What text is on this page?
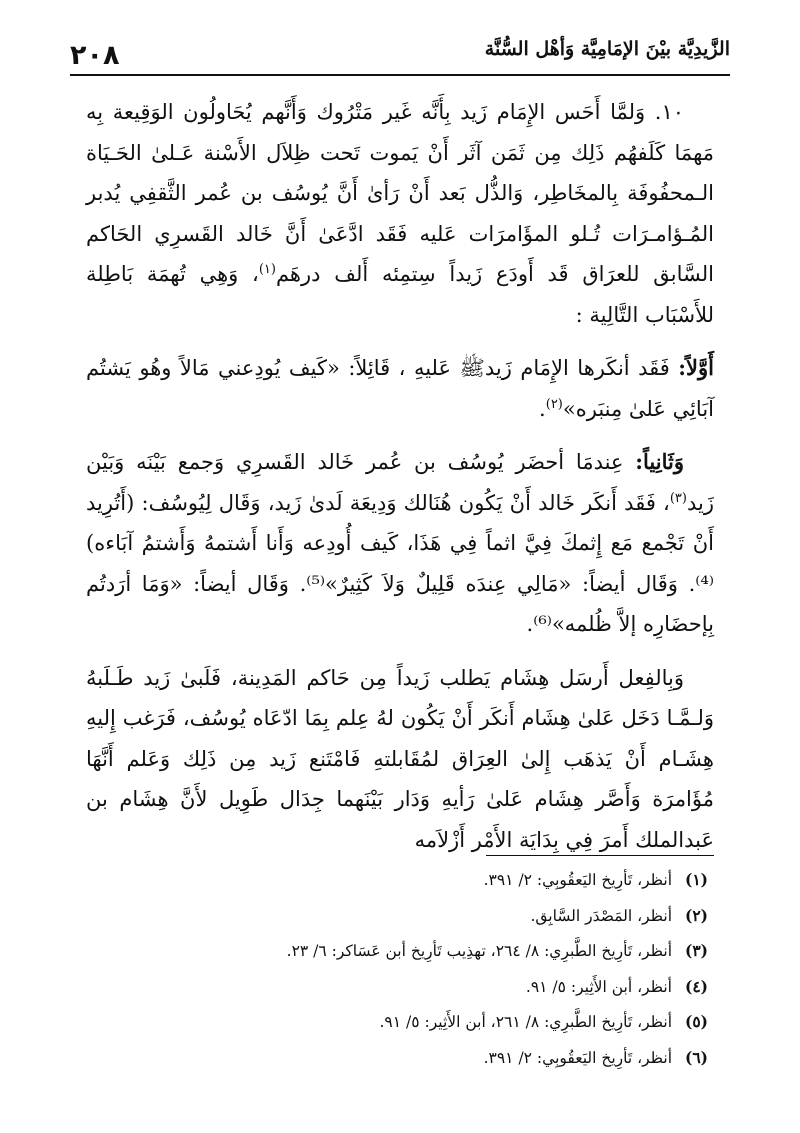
الزَّيدِيَّة بيْنَ الإمَامِيَّة وَأهْل السُّنَّة
٢٠٨

١٠. وَلمَّا أَحَس الإِمَام زَيد بِأَنَّه غَير مَتْرُوك وَأَنَّهم يُحَاولُون الوَقِيعة بِه مَهمَا كَلَفهُم ذَلِك مِن ثَمَن آثَر أَنْ يَموت تَحت ظِلاَل الأَسْنة عَـلىٰ الحَـيَاة الـمحفُوفَة بِالمخَاطِر، وَالذُّل بَعد أَنْ رَأىٰ أَنَّ يُوسُف بن عُمر الثَّقفِي يُدبر المُـؤامـرَات تُـلو المؤَامرَات عَليه فَقَد ادَّعَىٰ أَنَّ خَالد القَسرِي الحَاكم السَّابق للعرَاق قَد أَودَع زَيداً سِتمِئه أَلف درهَم$^{(١)}$، وَهِي تُهمَة بَاطِلة للأَسْبَاب التَّالِية :

أَوَّلاً: فَقَد أنكَرها الإِمَام زَيدﷺ عَليهِ ، قَائِلاً: «كَيف يُودِعني مَالاً وهُو يَشتُم آبَائِي عَلىٰ مِنبَره»$^{(٢)}$.

وَثَانِياً: عِندمَا أحضَر يُوسُف بن عُمر خَالد القَسرِي وَجمع بَيْنَه وَبَيْن زَيد$^{(٣)}$، فَقَد أَنكَر خَالد أَنْ يَكُون هُنَالك وَدِيعَة لَدىٰ زَيد، وَقَال لِيُوسُف: (أَتُرِيد أَنْ تَجْمع مَع إِثمكَ فِيَّ اثماً فِي هَذَا، كَيف أُودِعه وَأَنا أَشتمهُ وَأَشتمُ آبَاءه)⁽⁴⁾. وَقَال أيضاً: «مَالِي عِندَه قَلِيلٌ وَلاَ كَثِيرٌ»⁽⁵⁾. وَقَال أيضاً: «وَمَا أرَدتُم بِإحضَارِه إلاَّ ظُلمه»⁽⁶⁾.

وَبِالفِعل أَرسَل هِشَام يَطلب زَيداً مِن حَاكم المَدِينة، فَلَبىٰ زَيد طَـلَبهُ وَلـمَّـا دَخَل عَلىٰ هِشَام أَنكَر أَنْ يَكُون لهُ عِلم بِمَا ادّعَاه يُوسُف، فَرَغب إِليهِ هِشَـام أَنْ يَذهَب إِلىٰ العِرَاق لمُقَابلتهِ فَامْتَنع زَيد مِن ذَلِك وَعَلم أَنَّهَا مُؤَامرَة وَأَصَّر هِشَام عَلىٰ رَأيهِ وَدَار بَيْنَهما جِدَال طَوِيل لأَنَّ هِشَام بن عَبدالملك أَمرَ فِي بِدَايَة الأَمْر أَزْلاَمه

(١)
أنظر، تَأرِيخ اليَعقُوبِي: ٢/ ٣٩١.
(٢)
أنظر، المَصْدَر السَّابِق.
(٣)
أنظر، تَأرِيخ الطَّبرِي: ٨/ ٢٦٤، تهذِيب تَأرِيخ أبن عَسَاكر: ٦/ ٢٣.
(٤)
أنظر، أبن الأَثِير: ٥/ ٩١.
(٥)
أنظر، تَأرِيخ الطَّبرِي: ٨/ ٢٦١، أبن الأَثِير: ٥/ ٩١.
(٦)
أنظر، تَأرِيخ اليَعقُوبِي: ٢/ ٣٩١.
